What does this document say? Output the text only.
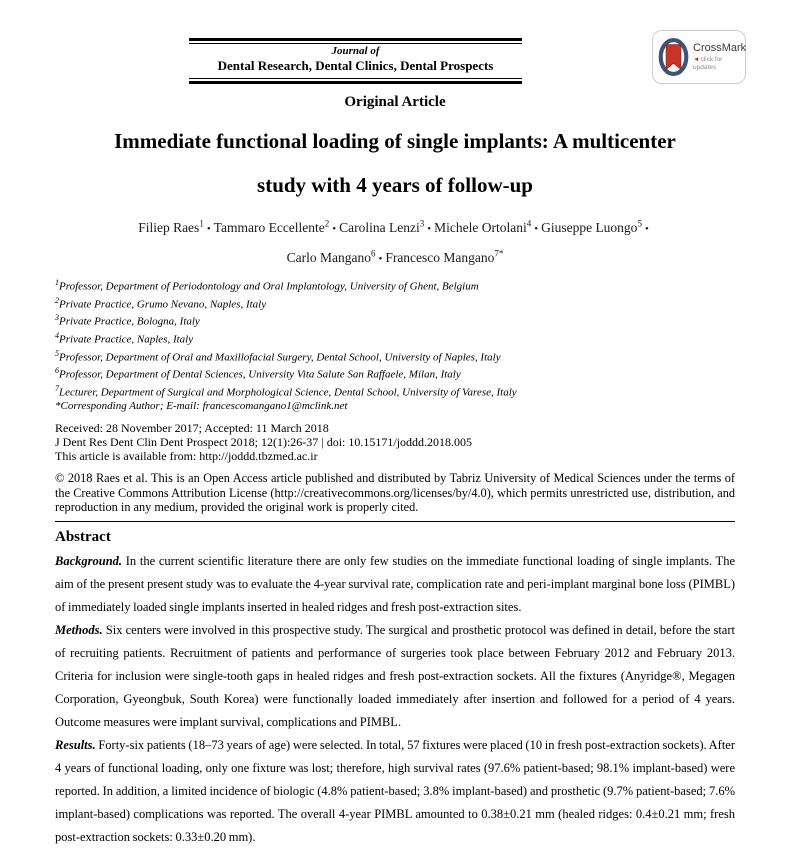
Journal of
Dental Research, Dental Clinics, Dental Prospects
CrossMark
◄click for updates
Original Article
Immediate functional loading of single implants: A multicenter
study with 4 years of follow-up
Filiep Raes$^1$ • Tammaro Eccellente$^2$ • Carolina Lenzi$^3$ • Michele Ortolani$^4$ • Giuseppe Luongo$^5$ •
Carlo Mangano$^6$ • Francesco Mangano$^{7*}$
$^1$Professor, Department of Periodontology and Oral Implantology, University of Ghent, Belgium
$^2$Private Practice, Grumo Nevano, Naples, Italy
$^3$Private Practice, Bologna, Italy
$^4$Private Practice, Naples, Italy
$^5$Professor, Department of Oral and Maxillofacial Surgery, Dental School, University of Naples, Italy
$^6$Professor, Department of Dental Sciences, University Vita Salute San Raffaele, Milan, Italy
$^7$Lecturer, Department of Surgical and Morphological Science, Dental School, University of Varese, Italy
*Corresponding Author; E-mail: francescomangano1@mclink.net
Received: 28 November 2017; Accepted: 11 March 2018
J Dent Res Dent Clin Dent Prospect 2018; 12(1):26-37 | doi: 10.15171/joddd.2018.005
This article is available from: http://joddd.tbzmed.ac.ir
© 2018 Raes et al. This is an Open Access article published and distributed by Tabriz University of Medical Sciences under the terms of the Creative Commons Attribution License (http://creativecommons.org/licenses/by/4.0), which permits unrestricted use, distribution, and reproduction in any medium, provided the original work is properly cited.
Abstract

Background. In the current scientific literature there are only few studies on the immediate functional loading of single implants. The aim of the present present study was to evaluate the 4-year survival rate, complication rate and peri-implant marginal bone loss (PIMBL) of immediately loaded single implants inserted in healed ridges and fresh post-extraction sites.

Methods. Six centers were involved in this prospective study. The surgical and prosthetic protocol was defined in detail, before the start of recruiting patients. Recruitment of patients and performance of surgeries took place between February 2012 and February 2013. Criteria for inclusion were single-tooth gaps in healed ridges and fresh post-extraction sockets. All the fixtures (Anyridge®, Megagen Corporation, Gyeongbuk, South Korea) were functionally loaded immediately after insertion and followed for a period of 4 years. Outcome measures were implant survival, complications and PIMBL.

Results. Forty-six patients (18–73 years of age) were selected. In total, 57 fixtures were placed (10 in fresh post-extraction sockets). After 4 years of functional loading, only one fixture was lost; therefore, high survival rates (97.6% patient-based; 98.1% implant-based) were reported. In addition, a limited incidence of biologic (4.8% patient-based; 3.8% implant-based) and prosthetic (9.7% patient-based; 7.6% implant-based) complications was reported. The overall 4-year PIMBL amounted to 0.38±0.21 mm (healed ridges: 0.4±0.21 mm; fresh post-extraction sockets: 0.33±0.20 mm).
